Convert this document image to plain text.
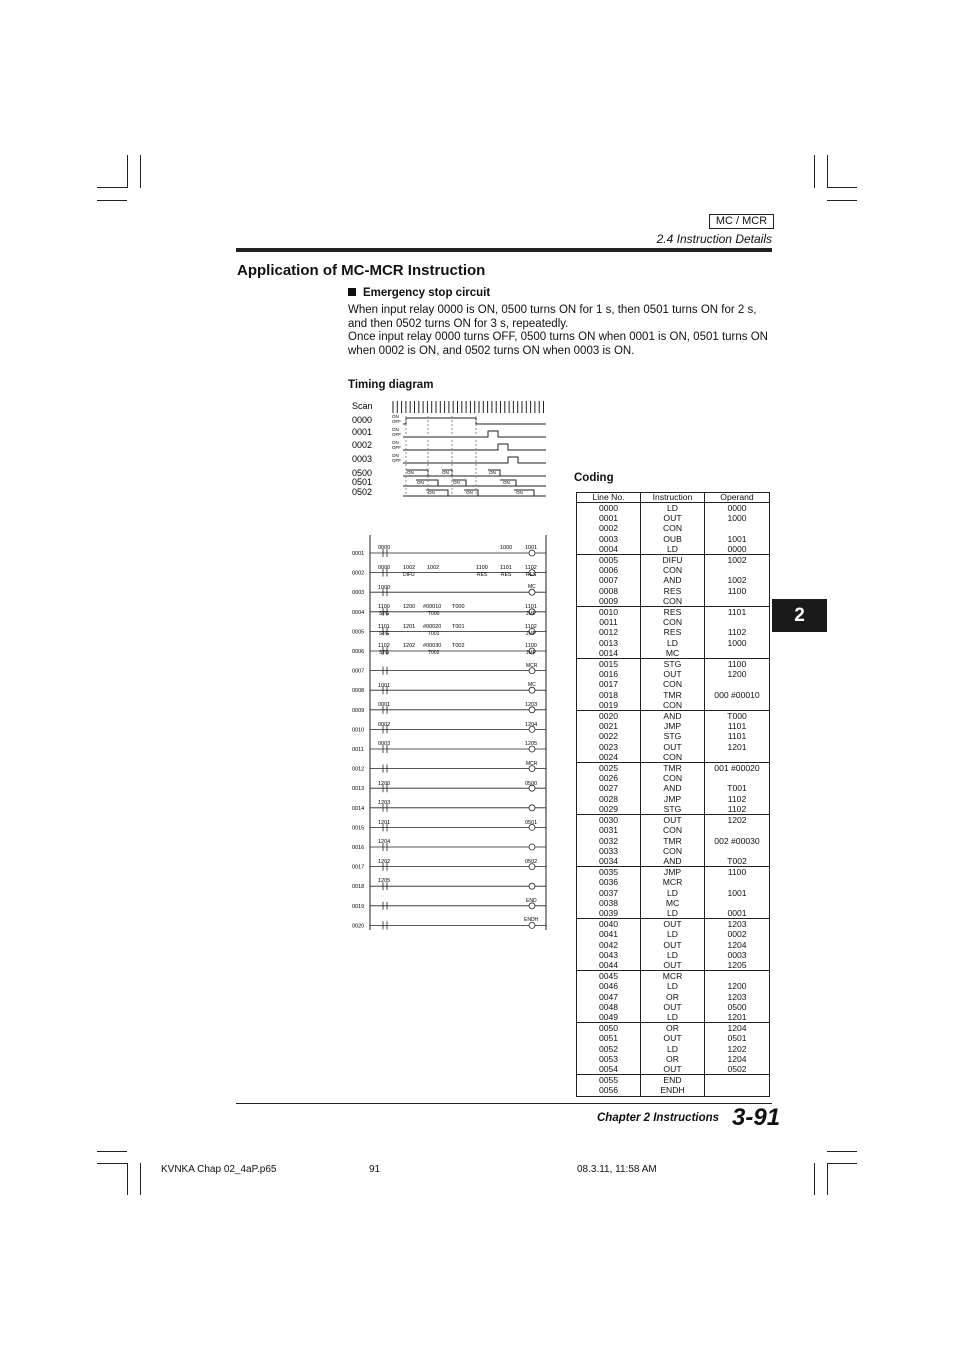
MC / MCR
2.4 Instruction Details
Application of MC-MCR Instruction
Emergency stop circuit
When input relay 0000 is ON, 0500 turns ON for 1 s, then 0501 turns ON for 2 s,
and then 0502 turns ON for 3 s, repeatedly.
Once input relay 0000 turns OFF, 0500 turns ON when 0001 is ON, 0501 turns ON
when 0002 is ON, and 0502 turns ON when 0003 is ON.
Timing diagram
Coding
Scan
0000
0001
0002
0003
0500
0501
0502
ON
OFF
ON
OFF
ON
OFF
ON
OFF
ON	ON	ON
ON	ON	ON
ON	ON	ON
0001
0002
0003
0004
0005
0006
0007
0008
0009
0010
0011
0012
0013
0014
0015
0016
0017
0018
0019
0020
0000	1000 1001
0000 1002 1002	1100 1101 1102
DIFU	RES	RES	RES
1000	MC
1100 1200 #00010 T000	1101
STG	T000	JMP
1101 1201 #00020 T001	1102
STG	T001	JMP
1102 1202 #00030 T002	1100
STG	T002	JMP
MCR
1001	MC
0001	1203
0002	1204
0003	1205
MCR
1200	0500
1203
1201	0501
1204
1202	0502
1205
END
ENDH
Line No.	Instruction	Operand
0000	LD	0000
0001	OUT	1000
0002	CON	
0003	OUB	1001
0004	LD	0000
0005	DIFU	1002
0006	CON	
0007	AND	1002
0008	RES	1100
0009	CON	
0010	RES	1101
0011	CON	
0012	RES	1102
0013	LD	1000
0014	MC	
0015	STG	1100
0016	OUT	1200
0017	CON	
0018	TMR	000 #00010
0019	CON	
0020	AND	T000
0021	JMP	1101
0022	STG	1101
0023	OUT	1201
0024	CON	
0025	TMR	001 #00020
0026	CON	
0027	AND	T001
0028	JMP	1102
0029	STG	1102
0030	OUT	1202
0031	CON	
0032	TMR	002 #00030
0033	CON	
0034	AND	T002
0035	JMP	1100
0036	MCR	
0037	LD	1001
0038	MC	
0039	LD	0001
0040	OUT	1203
0041	LD	0002
0042	OUT	1204
0043	LD	0003
0044	OUT	1205
0045	MCR	
0046	LD	1200
0047	OR	1203
0048	OUT	0500
0049	LD	1201
0050	OR	1204
0051	OUT	0501
0052	LD	1202
0053	OR	1204
0054	OUT	0502
0055	END	
0056	ENDH	
2
Chapter 2 Instructions 3-91
KVNKA Chap 02_4aP.p65	91	08.3.11, 11:58 AM
